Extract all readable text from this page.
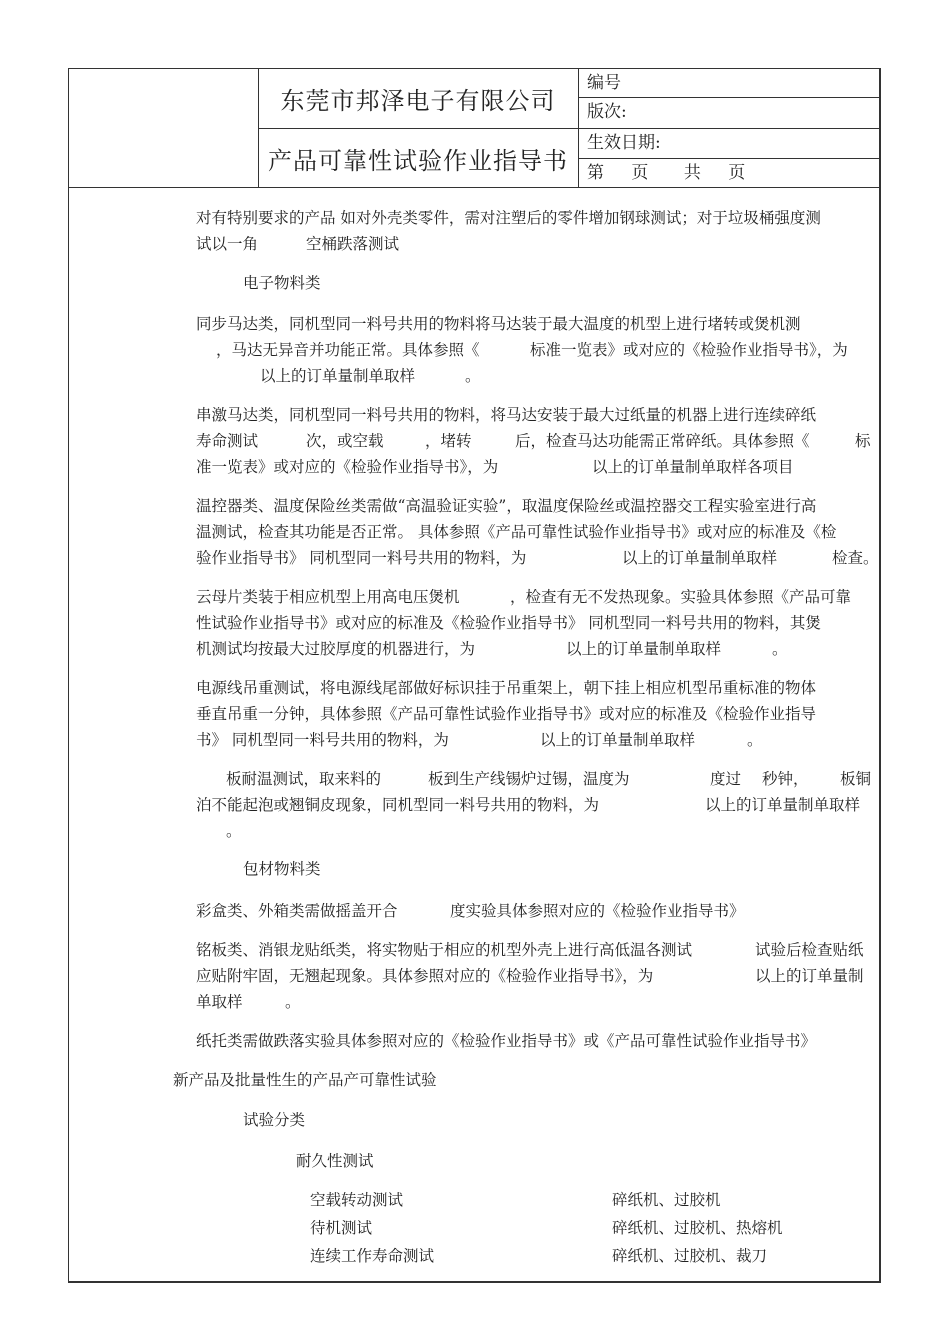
东莞市邦泽电子有限公司
产品可靠性试验作业指导书
编号
版次:
生效日期:
第 页 共 页
对有特别要求的产品 如对外壳类零件，需对注塑后的零件增加钢球测试；对于垃圾桶强度测
试以一角	空桶跌落测试
电子物料类
同步马达类，同机型同一料号共用的物料将马达装于最大温度的机型上进行堵转或煲机测
，马达无异音并功能正常。具体参照《	标准一览表》或对应的《检验作业指导书》，为
以上的订单量制单取样	。
串激马达类，同机型同一料号共用的物料，将马达安装于最大过纸量的机器上进行连续碎纸
寿命测试	次，或空载	，堵转	后，检查马达功能需正常碎纸。具体参照《	标
准一览表》或对应的《检验作业指导书》，为	以上的订单量制单取样各项目
温控器类、温度保险丝类需做“高温验证实验”，取温度保险丝或温控器交工程实验室进行高
温测试，检查其功能是否正常。 具体参照《产品可靠性试验作业指导书》或对应的标准及《检
验作业指导书》 同机型同一料号共用的物料，为	以上的订单量制单取样	检查。
云母片类装于相应机型上用高电压煲机	，检查有无不发热现象。实验具体参照《产品可靠
性试验作业指导书》或对应的标准及《检验作业指导书》 同机型同一料号共用的物料，其煲
机测试均按最大过胶厚度的机器进行，为	以上的订单量制单取样	。
电源线吊重测试，将电源线尾部做好标识挂于吊重架上，朝下挂上相应机型吊重标准的物体
垂直吊重一分钟，具体参照《产品可靠性试验作业指导书》或对应的标准及《检验作业指导
书》 同机型同一料号共用的物料，为	以上的订单量制单取样	。
板耐温测试，取来料的	板到生产线锡炉过锡，温度为	度过 秒钟， 板铜
泊不能起泡或翘铜皮现象，同机型同一料号共用的物料，为	以上的订单量制单取样
。
包材物料类
彩盒类、外箱类需做摇盖开合	度实验具体参照对应的《检验作业指导书》
铭板类、消银龙贴纸类，将实物贴于相应的机型外壳上进行高低温各测试	试验后检查贴纸
应贴附牢固，无翘起现象。具体参照对应的《检验作业指导书》，为	以上的订单量制
单取样	。
纸托类需做跌落实验具体参照对应的《检验作业指导书》或《产品可靠性试验作业指导书》
新产品及批量性生的产品产可靠性试验
试验分类
耐久性测试
空载转动测试	碎纸机、过胶机
待机测试	碎纸机、过胶机、热熔机
连续工作寿命测试	碎纸机、过胶机、裁刀
